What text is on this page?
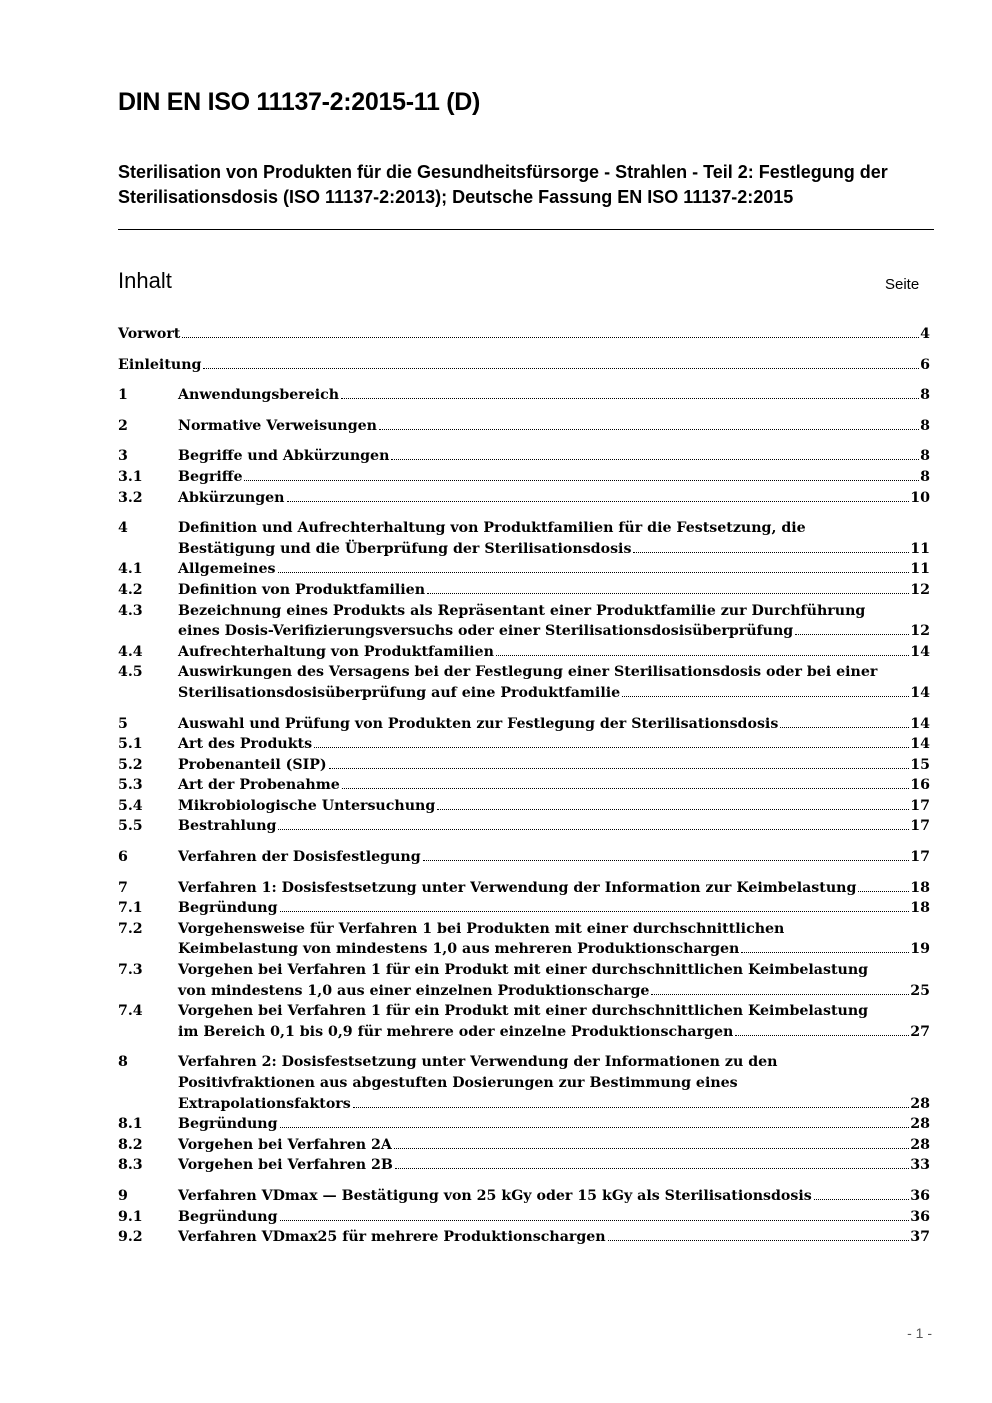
DIN EN ISO 11137-2:2015-11 (D)
Sterilisation von Produkten für die Gesundheitsfürsorge - Strahlen - Teil 2: Festlegung der Sterilisationsdosis (ISO 11137-2:2013); Deutsche Fassung EN ISO 11137-2:2015
Inhalt	Seite
Vorwort	4
Einleitung	6
1	Anwendungsbereich	8
2	Normative Verweisungen	8
3	Begriffe und Abkürzungen	8
3.1	Begriffe	8
3.2	Abkürzungen	10
4	Definition und Aufrechterhaltung von Produktfamilien für die Festsetzung, die
Bestätigung und die Überprüfung der Sterilisationsdosis	11
4.1	Allgemeines	11
4.2	Definition von Produktfamilien	12
4.3	Bezeichnung eines Produkts als Repräsentant einer Produktfamilie zur Durchführung
eines Dosis-Verifizierungsversuchs oder einer Sterilisationsdosisüberprüfung	12
4.4	Aufrechterhaltung von Produktfamilien	14
4.5	Auswirkungen des Versagens bei der Festlegung einer Sterilisationsdosis oder bei einer
Sterilisationsdosisüberprüfung auf eine Produktfamilie	14
5	Auswahl und Prüfung von Produkten zur Festlegung der Sterilisationsdosis	14
5.1	Art des Produkts	14
5.2	Probenanteil (SIP)	15
5.3	Art der Probenahme	16
5.4	Mikrobiologische Untersuchung	17
5.5	Bestrahlung	17
6	Verfahren der Dosisfestlegung	17
7	Verfahren 1: Dosisfestsetzung unter Verwendung der Information zur Keimbelastung	18
7.1	Begründung	18
7.2	Vorgehensweise für Verfahren 1 bei Produkten mit einer durchschnittlichen
Keimbelastung von mindestens 1,0 aus mehreren Produktionschargen	19
7.3	Vorgehen bei Verfahren 1 für ein Produkt mit einer durchschnittlichen Keimbelastung
von mindestens 1,0 aus einer einzelnen Produktionscharge	25
7.4	Vorgehen bei Verfahren 1 für ein Produkt mit einer durchschnittlichen Keimbelastung
im Bereich 0,1 bis 0,9 für mehrere oder einzelne Produktionschargen	27
8	Verfahren 2: Dosisfestsetzung unter Verwendung der Informationen zu den
Positivfraktionen aus abgestuften Dosierungen zur Bestimmung eines
Extrapolationsfaktors	28
8.1	Begründung	28
8.2	Vorgehen bei Verfahren 2A	28
8.3	Vorgehen bei Verfahren 2B	33
9	Verfahren VDmax — Bestätigung von 25 kGy oder 15 kGy als Sterilisationsdosis	36
9.1	Begründung	36
9.2	Verfahren VDmax25 für mehrere Produktionschargen	37
- 1 -
